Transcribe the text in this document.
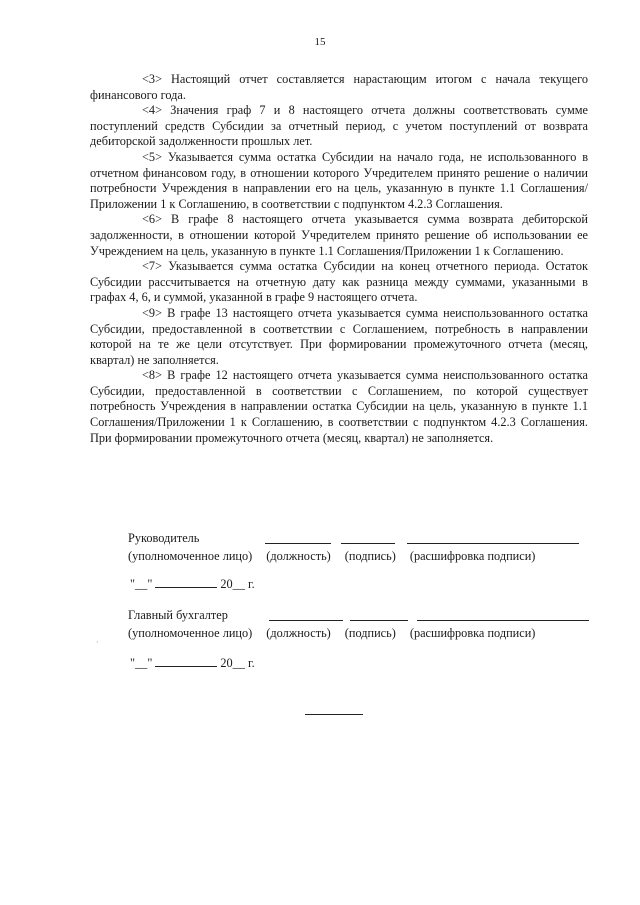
15

<3> Настоящий отчет составляется нарастающим итогом с начала текущего финансового года.

<4> Значения граф 7 и 8 настоящего отчета должны соответствовать сумме поступлений средств Субсидии за отчетный период, с учетом поступлений от возврата дебиторской задолженности прошлых лет.

<5> Указывается сумма остатка Субсидии на начало года, не использованного в отчетном финансовом году, в отношении которого Учредителем принято решение о наличии потребности Учреждения в направлении его на цель, указанную в пункте 1.1 Соглашения/Приложении 1 к Соглашению, в соответствии с подпунктом 4.2.3 Соглашения.

<6> В графе 8 настоящего отчета указывается сумма возврата дебиторской задолженности, в отношении которой Учредителем принято решение об использовании ее Учреждением на цель, указанную в пункте 1.1 Соглашения/Приложении 1 к Соглашению.

<7> Указывается сумма остатка Субсидии на конец отчетного периода. Остаток Субсидии рассчитывается на отчетную дату как разница между суммами, указанными в графах 4, 6, и суммой, указанной в графе 9 настоящего отчета.

<9> В графе 13 настоящего отчета указывается сумма неиспользованного остатка Субсидии, предоставленной в соответствии с Соглашением, потребность в направлении которой на те же цели отсутствует. При формировании промежуточного отчета (месяц, квартал) не заполняется.

<8> В графе 12 настоящего отчета указывается сумма неиспользованного остатка Субсидии, предоставленной в соответствии с Соглашением, по которой существует потребность Учреждения в направлении остатка Субсидии на цель, указанную в пункте 1.1 Соглашения/Приложении 1 к Соглашению, в соответствии с подпунктом 4.2.3 Соглашения. При формировании промежуточного отчета (месяц, квартал) не заполняется.

Руководитель
(уполномоченное лицо) (должность) (подпись) (расшифровка подписи)
"__"	20__ г.
Главный бухгалтер
(уполномоченное лицо) (должность) (подпись) (расшифровка подписи)
"__"	20__ г.
·
